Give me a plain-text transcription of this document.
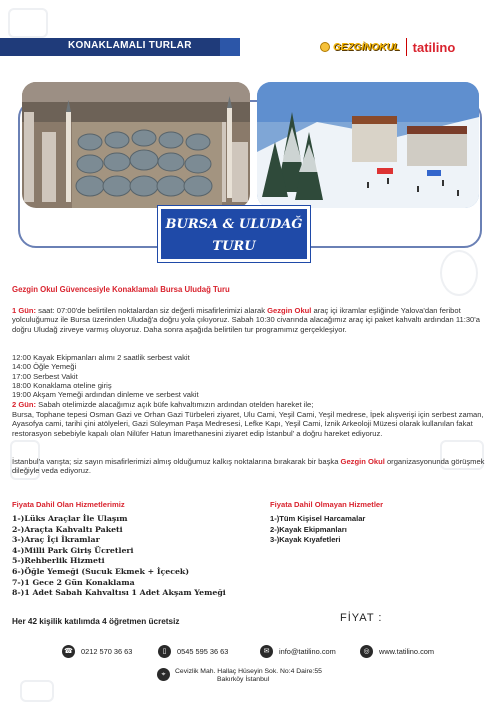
KONAKLAMALI TURLAR	GEZGİNOKUL tatilino
BURSA & ULUDAĞ
TURU
Gezgin Okul Güvencesiyle Konaklamalı Bursa Uludağ Turu
1 Gün: saat: 07:00'de belirtilen noktalardan siz değerli misafirlerimizi alarak Gezgin Okul araç içi ikramlar eşliğinde Yalova'dan feribot yolculuğumuz ile Bursa üzerinden Uludağ'a doğru yola çıkıyoruz. Sabah 10:30 civarında alacağımız araç içi paket kahvaltı ardından 11:30'a doğru Uludağ zirveye varmış oluyoruz. Daha sonra aşağıda belirtilen tur programımız gerçekleşiyor.
12:00 Kayak Ekipmanları alımı 2 saatlik serbest vakit
14:00 Öğle Yemeği
17:00 Serbest Vakit
18:00 Konaklama oteline giriş
19:00 Akşam Yemeği ardından dinleme ve serbest vakit
2 Gün: Sabah otelimizde alacağımız açık büfe kahvaltımızın ardından otelden hareket ile;
Bursa, Tophane tepesi Osman Gazi ve Orhan Gazi Türbeleri ziyaret, Ulu Cami, Yeşil Cami, Yeşil medrese, İpek alışverişi için serbest zaman, Ayasofya cami, tarihi çini atölyeleri, Gazi Süleyman Paşa Medresesi, Lefke Kapı, Yeşil Cami, İznik Arkeoloji Müzesi olarak kullanılan fakat restorasyon sebebiyle kapalı olan Nilüfer Hatun İmarethanesini ziyaret edip İstanbul' a doğru hareket ediyoruz.
İstanbul'a varışta; siz sayın misafirlerimizi almış olduğumuz kalkış noktalarına bırakarak bir başka Gezgin Okul organizasyonunda görüşmek dileğiyle veda ediyoruz.
Fiyata Dahil Olan Hizmetlerimiz	Fiyata Dahil Olmayan Hizmetler
1-)Lüks Araçlar İle Ulaşım
2-)Araçta Kahvaltı Paketi
3-)Araç İçi İkramlar
4-)Milli Park Giriş Ücretleri
5-)Rehberlik Hizmeti
6-)Öğle Yemeği (Sucuk Ekmek + İçecek)
7-)1 Gece 2 Gün Konaklama
8-)1 Adet Sabah Kahvaltısı 1 Adet Akşam Yemeği
1-)Tüm Kişisel Harcamalar
2-)Kayak Ekipmanları
3-)Kayak Kıyafetleri
Her 42 kişilik katılımda 4 öğretmen ücretsiz	FİYAT :
☎ 0212 570 36 63	▯	0545 595 36 63	✉	info@tatilino.com	◎	www.tatilino.com
⌖	Cevizlik Mah. Hallaç Hüseyin Sok. No:4 Daire:55
Bakırköy İstanbul
